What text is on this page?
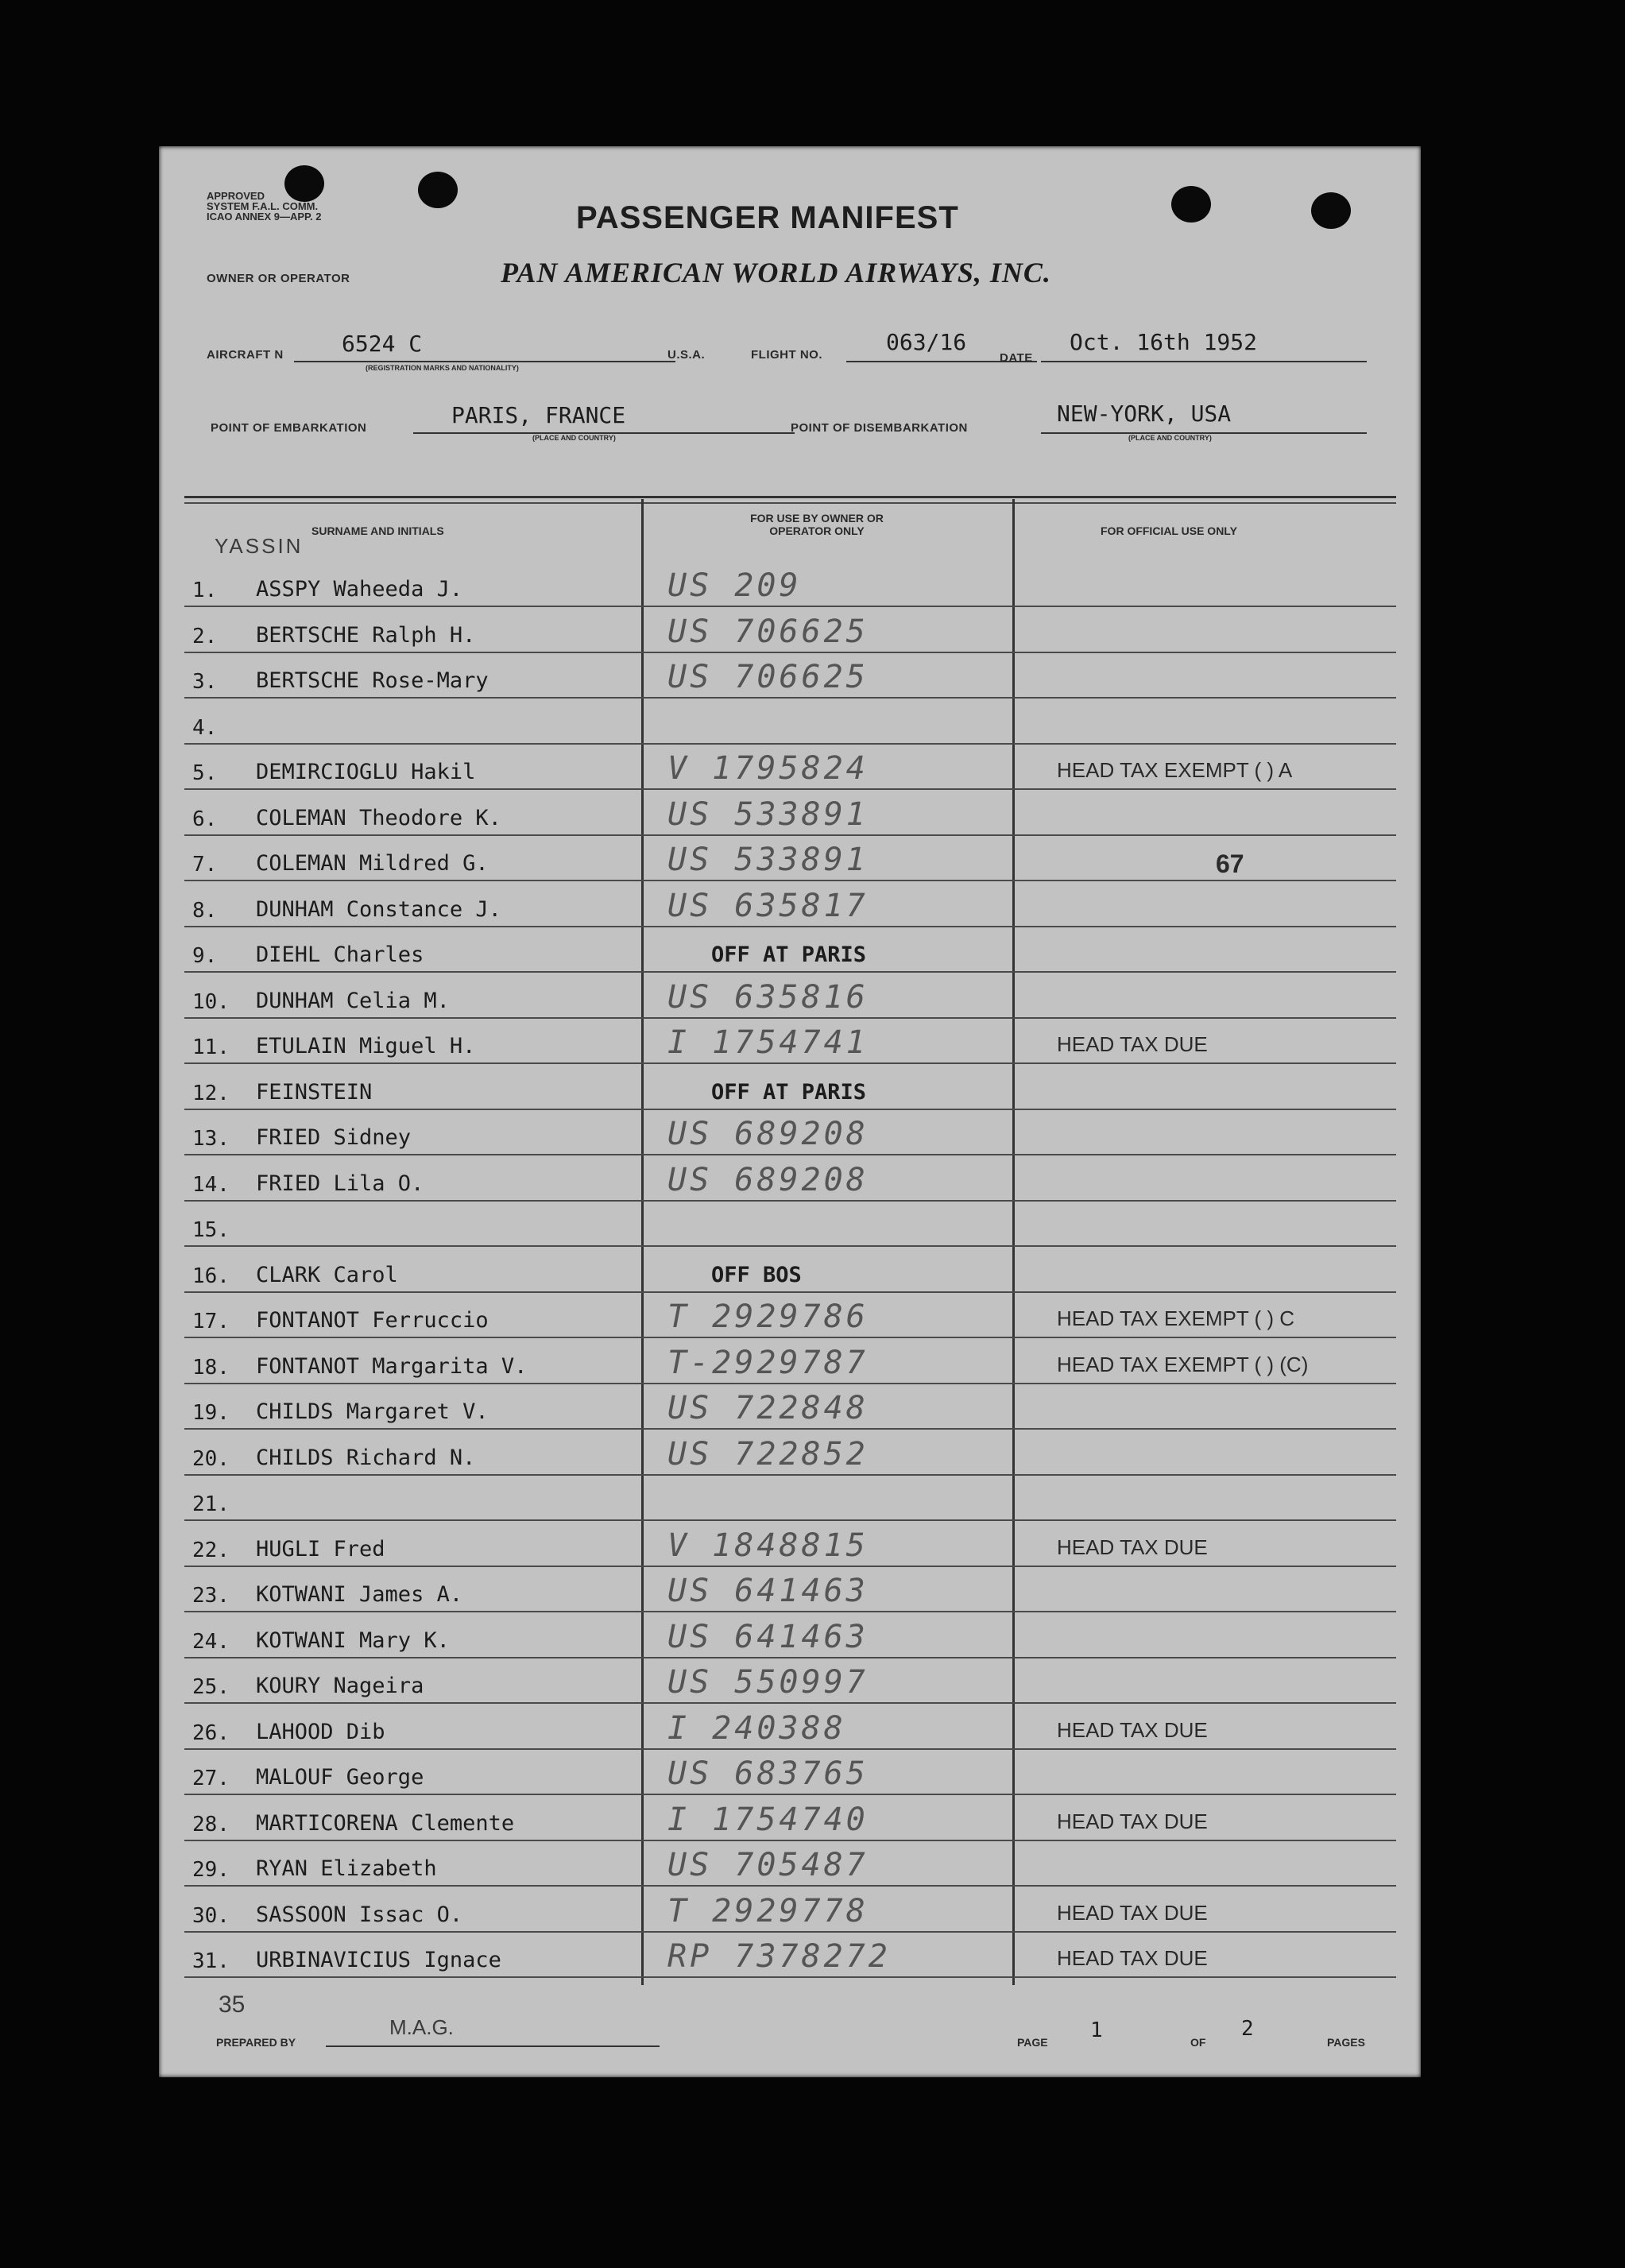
APPROVED
SYSTEM F.A.L. COMM.
ICAO ANNEX 9—APP. 2	PASSENGER MANIFEST
OWNER OR OPERATOR	PAN AMERICAN WORLD AIRWAYS, INC.
AIRCRAFT N	6524 C
(REGISTRATION MARKS AND NATIONALITY)
U.S.A.	FLIGHT NO.	063/16
DATE
Oct. 16th 1952
POINT OF EMBARKATION	PARIS, FRANCE
(PLACE AND COUNTRY)
POINT OF DISEMBARKATION
NEW-YORK, USA
(PLACE AND COUNTRY)
SURNAME AND INITIALS
FOR USE BY OWNER OR OPERATOR ONLY	FOR OFFICIAL USE ONLY
1. ASSPY Waheeda J.	US 209
2. BERTSCHE Ralph H.	US 706625
3. BERTSCHE Rose-Mary	US 706625
4.
5. DEMIRCIOGLU Hakil	V 1795824	HEAD TAX EXEMPT ( ) A
6. COLEMAN Theodore K.	US 533891
7. COLEMAN Mildred G.	US 533891	67
8. DUNHAM Constance J.	US 635817
9. DIEHL Charles	OFF AT PARIS
10. DUNHAM Celia M.	US 635816
11. ETULAIN Miguel H.	I 1754741	HEAD TAX DUE
12. FEINSTEIN	OFF AT PARIS
13. FRIED Sidney	US 689208
14. FRIED Lila O.	US 689208
15.
16. CLARK Carol	OFF BOS
17. FONTANOT Ferruccio	T 2929786	HEAD TAX EXEMPT ( ) C
18. FONTANOT Margarita V.	T-2929787	HEAD TAX EXEMPT ( ) (C)
19. CHILDS Margaret V.	US 722848
20. CHILDS Richard N.	US 722852
21.
22. HUGLI Fred	V 1848815	HEAD TAX DUE
23. KOTWANI James A.	US 641463
24. KOTWANI Mary K.	US 641463
25. KOURY Nageira	US 550997
26. LAHOOD Dib	I 240388	HEAD TAX DUE
27. MALOUF George	US 683765
28. MARTICORENA Clemente	I 1754740	HEAD TAX DUE
29. RYAN Elizabeth	US 705487
30. SASSOON Issac O.	T 2929778	HEAD TAX DUE
31. URBINAVICIUS Ignace	RP 7378272	HEAD TAX DUE
YASSIN
35
PREPARED BY
M.A.G.
PAGE 1	OF
2
PAGES
